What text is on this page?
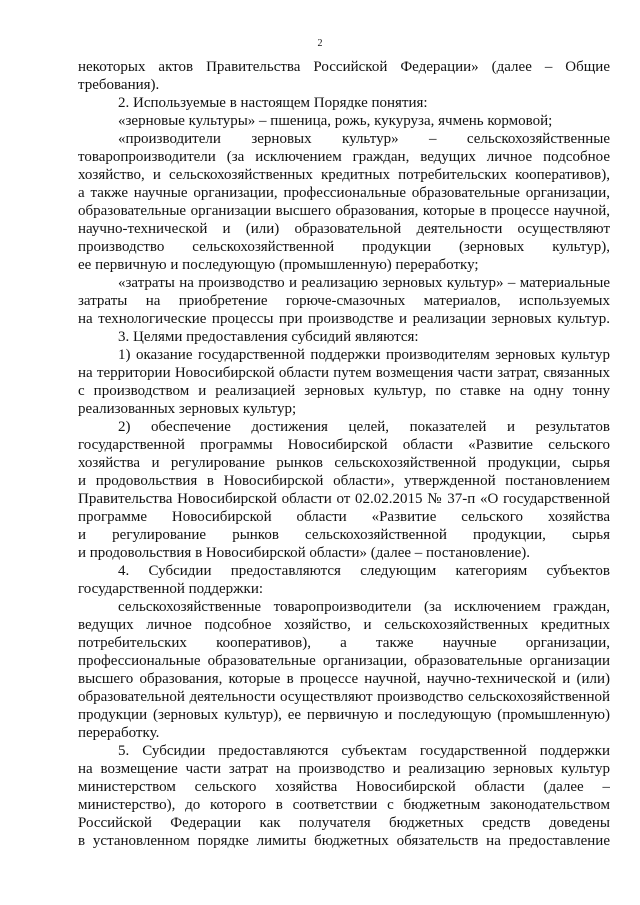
2
некоторых актов Правительства Российской Федерации» (далее – Общие
требования).
2. Используемые в настоящем Порядке понятия:
«зерновые культуры» – пшеница, рожь, кукуруза, ячмень кормовой;
«производители зерновых культур» – сельскохозяйственные
товаропроизводители (за исключением граждан, ведущих личное подсобное
хозяйство, и сельскохозяйственных кредитных потребительских кооперативов),
а также научные организации, профессиональные образовательные организации,
образовательные организации высшего образования, которые в процессе научной,
научно-технической и (или) образовательной деятельности осуществляют
производство сельскохозяйственной продукции (зерновых культур),
ее первичную и последующую (промышленную) переработку;
«затраты на производство и реализацию зерновых культур» – материальные
затраты на приобретение горюче-смазочных материалов, используемых
на технологические процессы при производстве и реализации зерновых культур.
3. Целями предоставления субсидий являются:
1) оказание государственной поддержки производителям зерновых культур
на территории Новосибирской области путем возмещения части затрат, связанных
с производством и реализацией зерновых культур, по ставке на одну тонну
реализованных зерновых культур;
2) обеспечение достижения целей, показателей и результатов
государственной программы Новосибирской области «Развитие сельского
хозяйства и регулирование рынков сельскохозяйственной продукции, сырья
и продовольствия в Новосибирской области», утвержденной постановлением
Правительства Новосибирской области от 02.02.2015 № 37-п «О государственной
программе Новосибирской области «Развитие сельского хозяйства
и регулирование рынков сельскохозяйственной продукции, сырья
и продовольствия в Новосибирской области» (далее – постановление).
4. Субсидии предоставляются следующим категориям субъектов
государственной поддержки:
сельскохозяйственные товаропроизводители (за исключением граждан,
ведущих личное подсобное хозяйство, и сельскохозяйственных кредитных
потребительских кооперативов), а также научные организации,
профессиональные образовательные организации, образовательные организации
высшего образования, которые в процессе научной, научно-технической и (или)
образовательной деятельности осуществляют производство сельскохозяйственной
продукции (зерновых культур), ее первичную и последующую (промышленную)
переработку.
5. Субсидии предоставляются субъектам государственной поддержки
на возмещение части затрат на производство и реализацию зерновых культур
министерством сельского хозяйства Новосибирской области (далее –
министерство), до которого в соответствии с бюджетным законодательством
Российской Федерации как получателя бюджетных средств доведены
в установленном порядке лимиты бюджетных обязательств на предоставление
